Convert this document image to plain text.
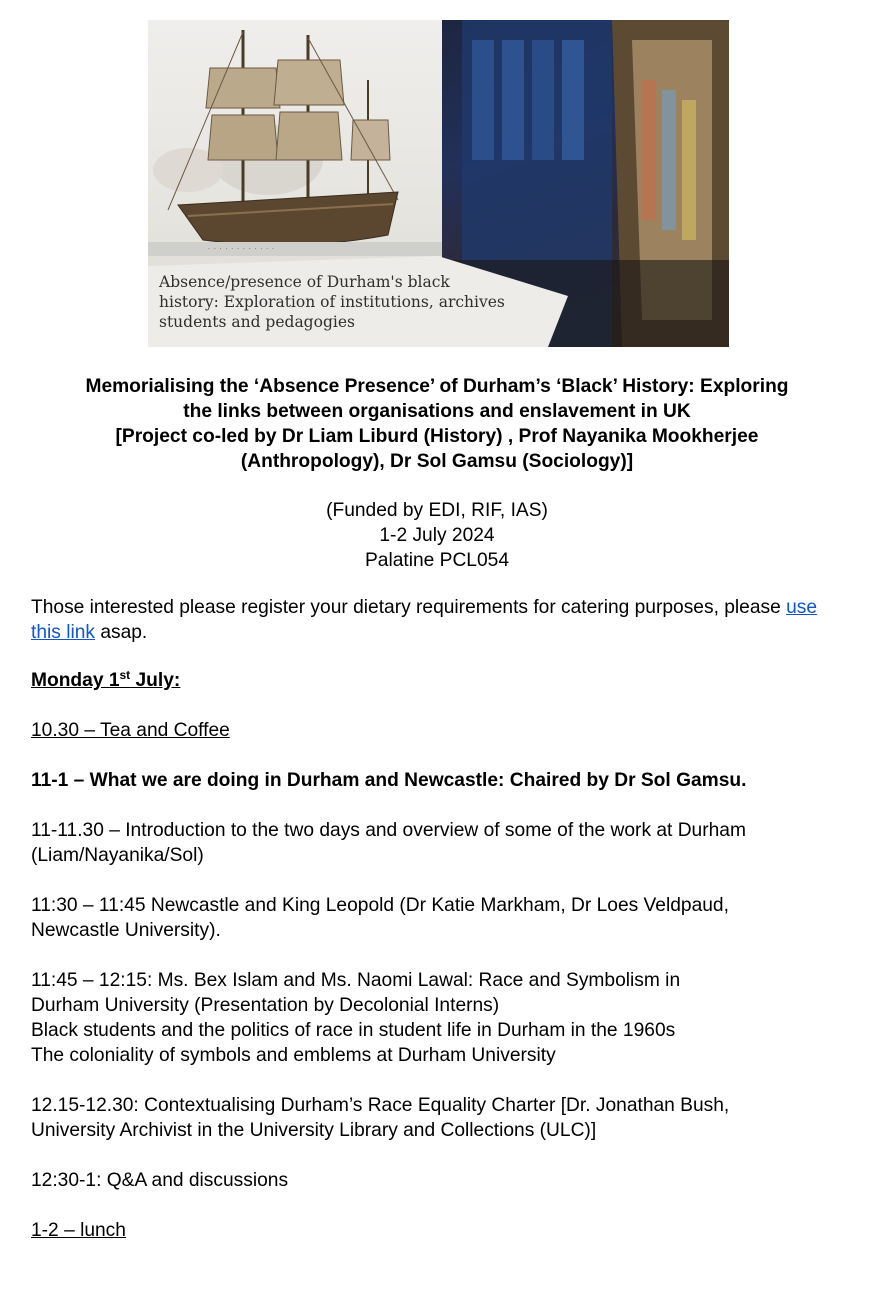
· · · · · · · · · · · ·
Absence/presence of Durham's black
history: Exploration of institutions, archives
students and pedagogies
Memorialising the ‘Absence Presence’ of Durham’s ‘Black’ History: Exploring
the links between organisations and enslavement in UK
[Project co-led by Dr Liam Liburd (History) , Prof Nayanika Mookherjee
(Anthropology), Dr Sol Gamsu (Sociology)]
(Funded by EDI, RIF, IAS)
1-2 July 2024
Palatine PCL054

Those interested please register your dietary requirements for catering purposes, please use
this link asap.

Monday 1st July:

10.30 – Tea and Coffee

11-1 – What we are doing in Durham and Newcastle: Chaired by Dr Sol Gamsu.

11-11.30 – Introduction to the two days and overview of some of the work at Durham
(Liam/Nayanika/Sol)

11:30 – 11:45 Newcastle and King Leopold (Dr Katie Markham, Dr Loes Veldpaud,
Newcastle University).

11:45 – 12:15: Ms. Bex Islam and Ms. Naomi Lawal: Race and Symbolism in
Durham University (Presentation by Decolonial Interns)
Black students and the politics of race in student life in Durham in the 1960s
The coloniality of symbols and emblems at Durham University

12.15-12.30: Contextualising Durham’s Race Equality Charter [Dr. Jonathan Bush,
University Archivist in the University Library and Collections (ULC)]

12:30-1: Q&A and discussions

1-2 – lunch
